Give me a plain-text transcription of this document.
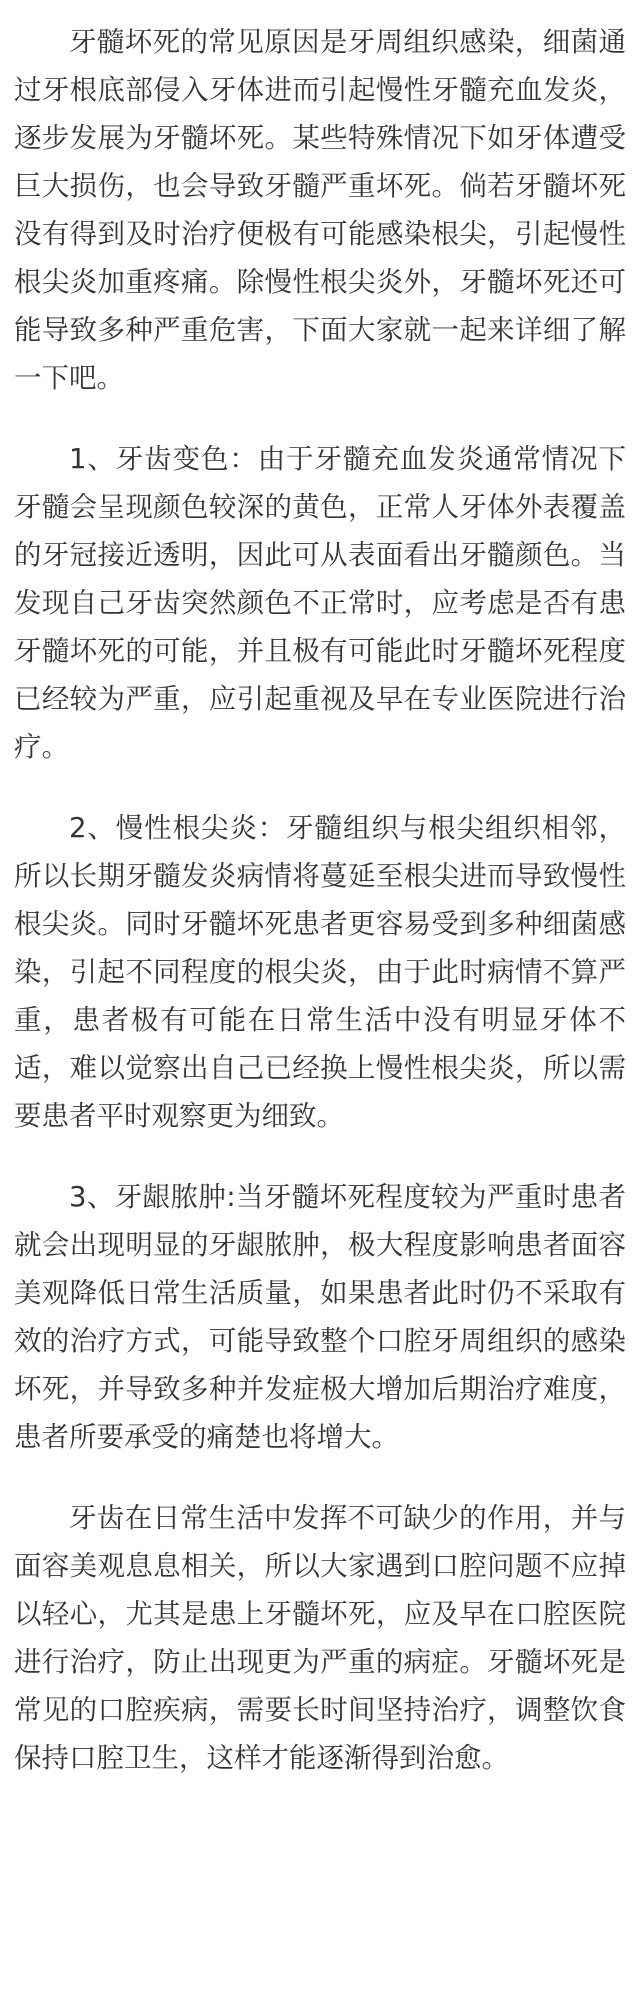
牙髓坏死的常见原因是牙周组织感染，细菌通过牙根底部侵入牙体进而引起慢性牙髓充血发炎，逐步发展为牙髓坏死。某些特殊情况下如牙体遭受巨大损伤，也会导致牙髓严重坏死。倘若牙髓坏死没有得到及时治疗便极有可能感染根尖，引起慢性根尖炎加重疼痛。除慢性根尖炎外，牙髓坏死还可能导致多种严重危害，下面大家就一起来详细了解一下吧。

1、牙齿变色：由于牙髓充血发炎通常情况下牙髓会呈现颜色较深的黄色，正常人牙体外表覆盖的牙冠接近透明，因此可从表面看出牙髓颜色。当发现自己牙齿突然颜色不正常时，应考虑是否有患牙髓坏死的可能，并且极有可能此时牙髓坏死程度已经较为严重，应引起重视及早在专业医院进行治疗。

2、慢性根尖炎：牙髓组织与根尖组织相邻，所以长期牙髓发炎病情将蔓延至根尖进而导致慢性根尖炎。同时牙髓坏死患者更容易受到多种细菌感染，引起不同程度的根尖炎，由于此时病情不算严重，患者极有可能在日常生活中没有明显牙体不适，难以觉察出自己已经换上慢性根尖炎，所以需要患者平时观察更为细致。

3、牙龈脓肿:当牙髓坏死程度较为严重时患者就会出现明显的牙龈脓肿，极大程度影响患者面容美观降低日常生活质量，如果患者此时仍不采取有效的治疗方式，可能导致整个口腔牙周组织的感染坏死，并导致多种并发症极大增加后期治疗难度，患者所要承受的痛楚也将增大。

牙齿在日常生活中发挥不可缺少的作用，并与面容美观息息相关，所以大家遇到口腔问题不应掉以轻心，尤其是患上牙髓坏死，应及早在口腔医院进行治疗，防止出现更为严重的病症。牙髓坏死是常见的口腔疾病，需要长时间坚持治疗，调整饮食保持口腔卫生，这样才能逐渐得到治愈。
